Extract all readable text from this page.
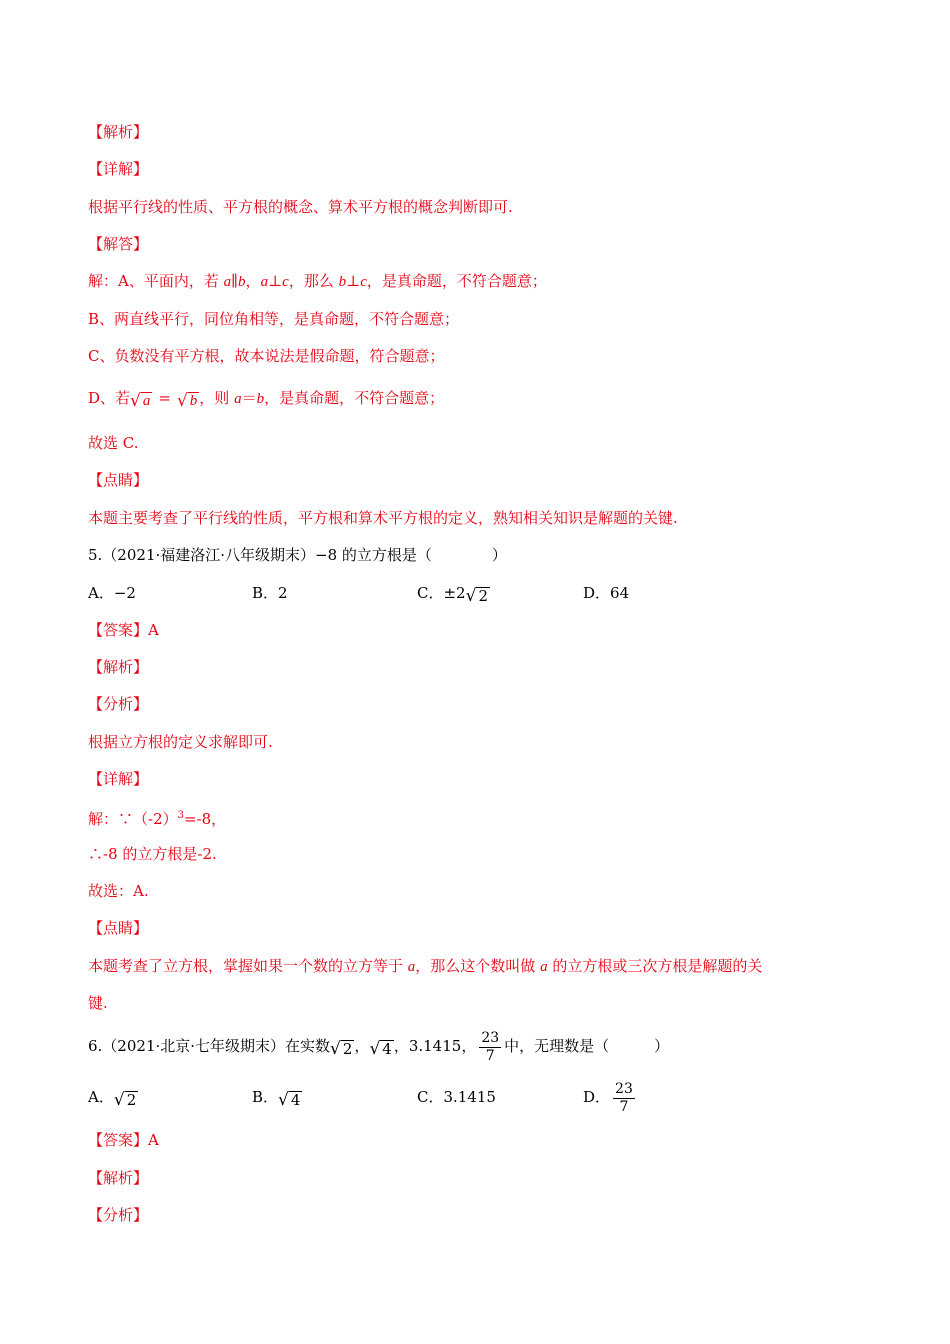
【解析】
【详解】
根据平行线的性质、平方根的概念、算术平方根的概念判断即可.
【解答】
解：A、平面内，若 a∥b，a⊥c，那么 b⊥c，是真命题，不符合题意；
B、两直线平行，同位角相等，是真命题，不符合题意；
C、负数没有平方根，故本说法是假命题，符合题意；
D、若 √ a = √ b ，则 a＝b，是真命题，不符合题意；
故选 C.
【点睛】
本题主要考查了平行线的性质，平方根和算术平方根的定义，熟知相关知识是解题的关键.
5.（2021·福建洛江·八年级期末）−8 的立方根是（　　　　）
A．−2	B．2	C．±2 √ 2	D．64
【答案】A
【解析】
【分析】
根据立方根的定义求解即可.
【详解】
解：$\because(-2)^3=-8$，
∴-8 的立方根是-2.
故选：A.
【点睛】
本题考查了立方根，掌握如果一个数的立方等于 a，那么这个数叫做 a 的立方根或三次方根是解题的关
键.
6.（2021·北京·七年级期末）在实数 √ 2 ， √ 4 ，3.1415， $\frac{23}{7}$ 中，无理数是（　　　）
A． √ 2	B． √ 4	C．3.1415	D． $\frac{23}{7}$
【答案】A
【解析】
【分析】
